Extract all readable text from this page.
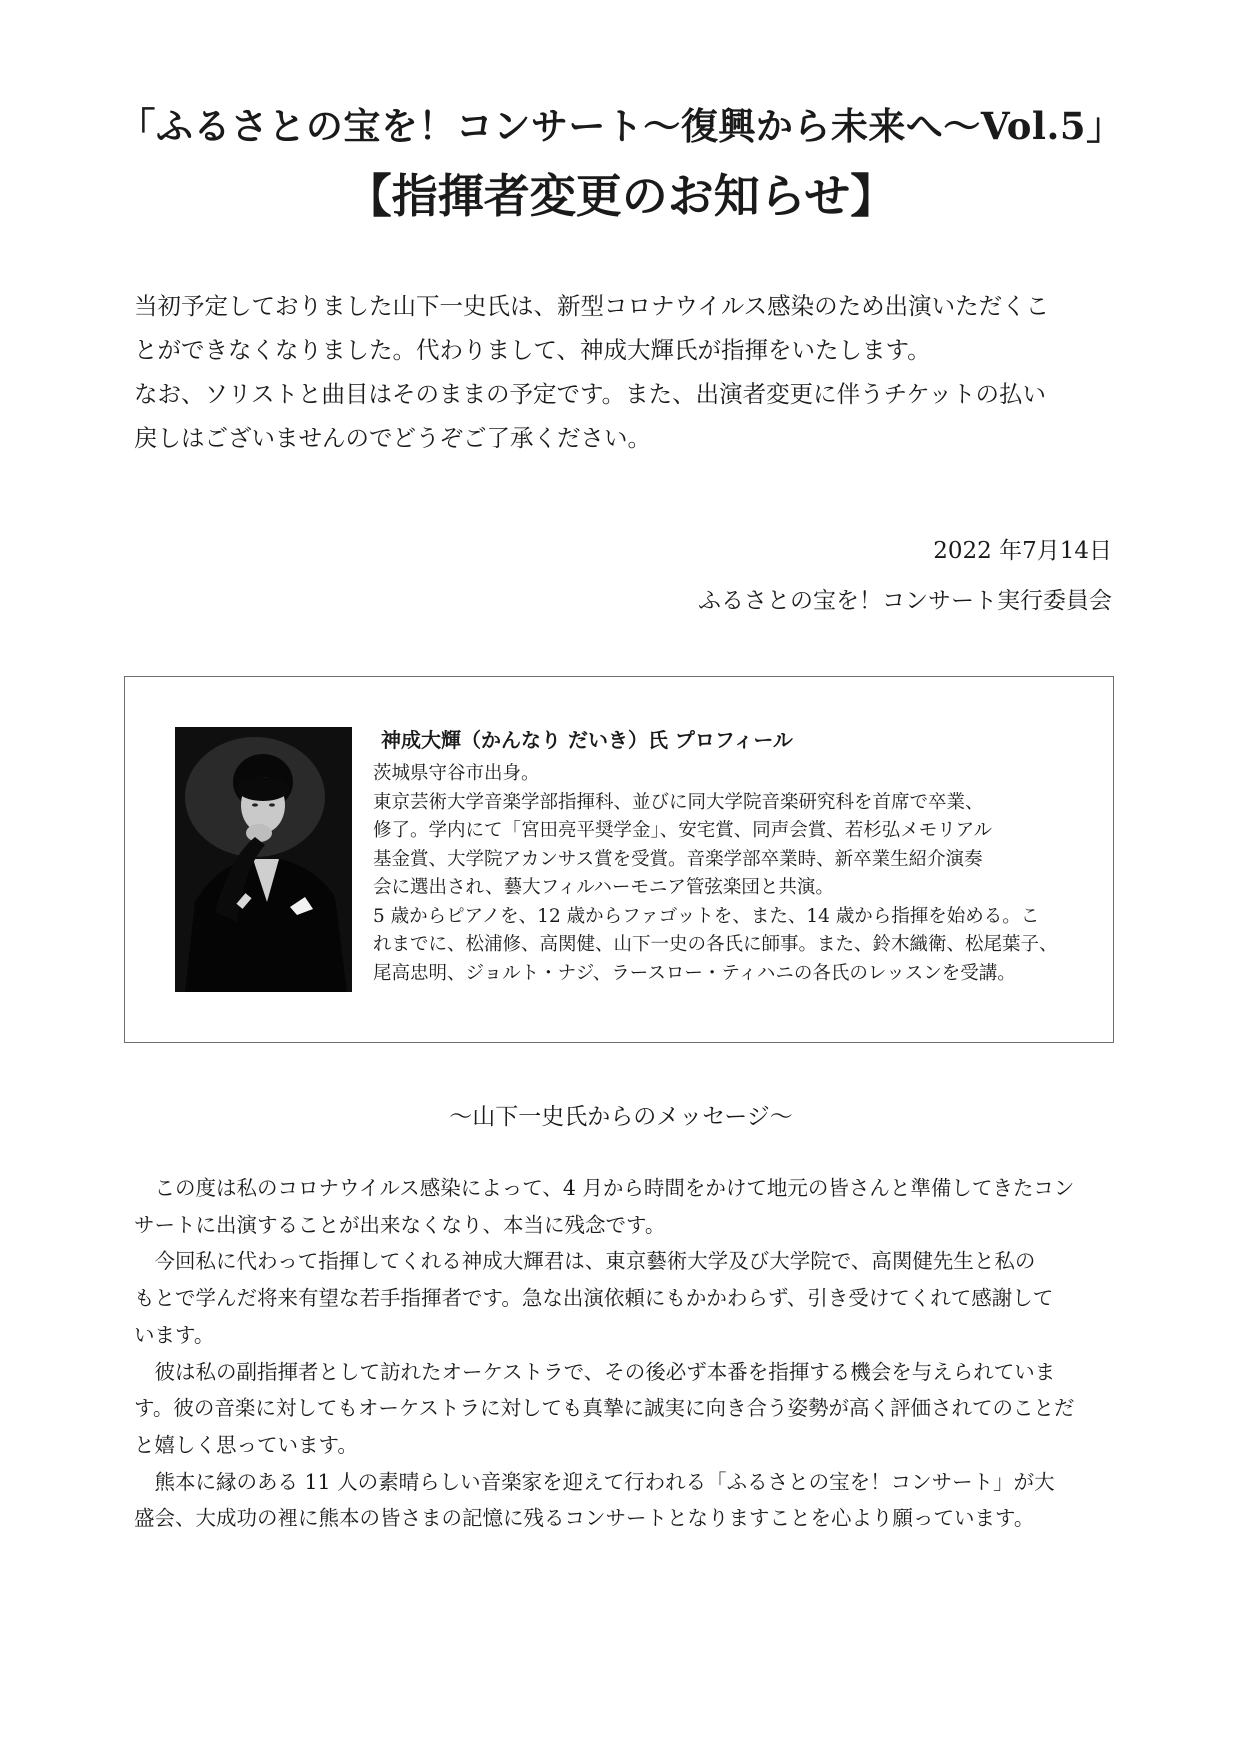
「ふるさとの宝を！コンサート〜復興から未来へ〜Vol.5」
【指揮者変更のお知らせ】

当初予定しておりました山下一史氏は、新型コロナウイルス感染のため出演いただくこ

とができなくなりました。代わりまして、神成大輝氏が指揮をいたします。

なお、ソリストと曲目はそのままの予定です。また、出演者変更に伴うチケットの払い

戻しはございませんのでどうぞご了承ください。

2022 年7月14日
ふるさとの宝を！コンサート実行委員会
神成大輝（かんなり だいき）氏 プロフィール

茨城県守谷市出身。

東京芸術大学音楽学部指揮科、並びに同大学院音楽研究科を首席で卒業、

修了。学内にて「宮田亮平奨学金」、安宅賞、同声会賞、若杉弘メモリアル

基金賞、大学院アカンサス賞を受賞。音楽学部卒業時、新卒業生紹介演奏

会に選出され、藝大フィルハーモニア管弦楽団と共演。

5 歳からピアノを、12 歳からファゴットを、また、14 歳から指揮を始める。こ

れまでに、松浦修、高関健、山下一史の各氏に師事。また、鈴木織衛、松尾葉子、

尾高忠明、ジョルト・ナジ、ラースロー・ティハニの各氏のレッスンを受講。

〜山下一史氏からのメッセージ〜

　この度は私のコロナウイルス感染によって、4 月から時間をかけて地元の皆さんと準備してきたコン

サートに出演することが出来なくなり、本当に残念です。

　今回私に代わって指揮してくれる神成大輝君は、東京藝術大学及び大学院で、高関健先生と私の

もとで学んだ将来有望な若手指揮者です。急な出演依頼にもかかわらず、引き受けてくれて感謝して

います。

　彼は私の副指揮者として訪れたオーケストラで、その後必ず本番を指揮する機会を与えられていま

す。彼の音楽に対してもオーケストラに対しても真摯に誠実に向き合う姿勢が高く評価されてのことだ

と嬉しく思っています。

　熊本に縁のある 11 人の素晴らしい音楽家を迎えて行われる「ふるさとの宝を！コンサート」が大

盛会、大成功の裡に熊本の皆さまの記憶に残るコンサートとなりますことを心より願っています。
